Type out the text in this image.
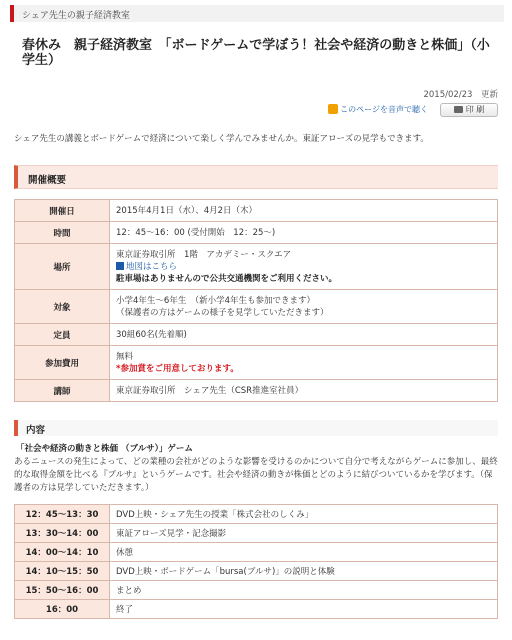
シェア先生の親子経済教室
春休み　親子経済教室　「ボードゲームで学ぼう！社会や経済の動きと株価」（小学生）
2015/02/23　 更新
このページを音声で聴く	印 刷

シェア先生の講義とボードゲームで経済について楽しく学んでみませんか。東証アローズの見学もできます。

開催概要
開催日	2015年4月1日（水）、4月2日（木）
時間	12：45〜16：00 (受付開始　12：25〜)
場所	東京証券取引所　1階　アカデミー・スクエア
地図はこちら
駐車場はありませんので公共交通機関をご利用ください。

対象	小学4年生〜6年生　（新小学4年生も参加できます）
（保護者の方はゲームの様子を見学していただきます）

定員	30組60名(先着順)
参加費用	無料
*参加賞をご用意しております。

講師	東京証券取引所　シェア先生（CSR推進室社員）
内容
「社会や経済の動きと株価 （ブルサ）」ゲーム

あるニュースの発生によって、どの業種の会社がどのような影響を受けるのかについて自分で考えながらゲームに参加し、最終的な取得金額を比べる『ブルサ』というゲームです。社会や経済の動きが株価とどのように結びついているかを学びます。（保護者の方は見学していただきます。）

12：45〜13：30	DVD上映・シェア先生の授業「株式会社のしくみ」
13：30〜14：00	東証アローズ見学・記念撮影
14：00〜14：10	休憩
14：10〜15：50	DVD上映・ボードゲーム「bursa(ブルサ)」の説明と体験
15：50〜16：00	まとめ
16：00	終了
